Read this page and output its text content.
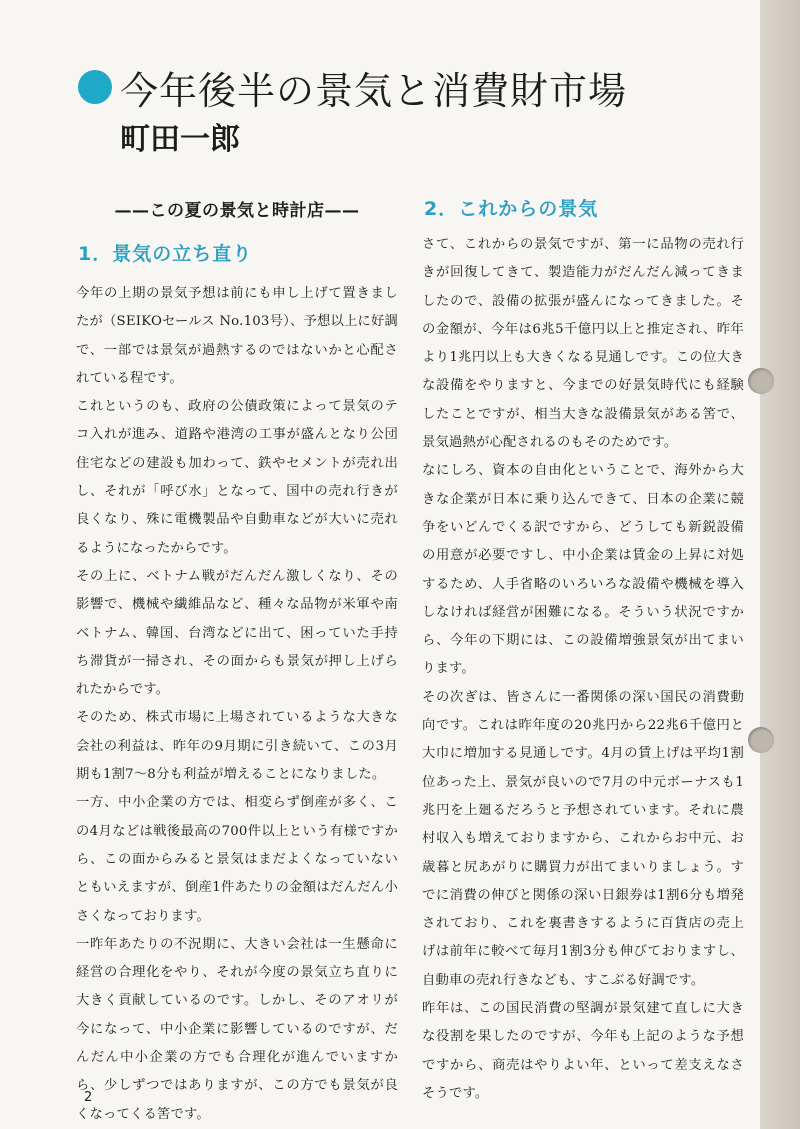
今年後半の景気と消費財市場
町田一郎
——この夏の景気と時計店——
1．景気の立ち直り

今年の上期の景気予想は前にも申し上げて置きましたが（SEIKOセールス No.103号）、予想以上に好調で、一部では景気が過熱するのではないかと心配されている程です。

これというのも、政府の公債政策によって景気のテコ入れが進み、道路や港湾の工事が盛んとなり公団住宅などの建設も加わって、鉄やセメントが売れ出し、それが「呼び水」となって、国中の売れ行きが良くなり、殊に電機製品や自動車などが大いに売れるようになったからです。

その上に、ベトナム戦がだんだん激しくなり、その影響で、機械や繊維品など、種々な品物が米軍や南ベトナム、韓国、台湾などに出て、困っていた手持ち滞貨が一掃され、その面からも景気が押し上げられたからです。

そのため、株式市場に上場されているような大きな会社の利益は、昨年の9月期に引き続いて、この3月期も1割7〜8分も利益が増えることになりました。

一方、中小企業の方では、相変らず倒産が多く、この4月などは戦後最高の700件以上という有様ですから、この面からみると景気はまだよくなっていないともいえますが、倒産1件あたりの金額はだんだん小さくなっております。

一昨年あたりの不況期に、大きい会社は一生懸命に経営の合理化をやり、それが今度の景気立ち直りに大きく貢献しているのです。しかし、そのアオリが今になって、中小企業に影響しているのですが、だんだん中小企業の方でも合理化が進んでいますから、少しずつではありますが、この方でも景気が良くなってくる筈です。

2．これからの景気

さて、これからの景気ですが、第一に品物の売れ行きが回復してきて、製造能力がだんだん減ってきましたので、設備の拡張が盛んになってきました。その金額が、今年は6兆5千億円以上と推定され、昨年より1兆円以上も大きくなる見通しです。この位大きな設備をやりますと、今までの好景気時代にも経験したことですが、相当大きな設備景気がある筈で、景気過熱が心配されるのもそのためです。

なにしろ、資本の自由化ということで、海外から大きな企業が日本に乗り込んできて、日本の企業に競争をいどんでくる訳ですから、どうしても新鋭設備の用意が必要ですし、中小企業は賃金の上昇に対処するため、人手省略のいろいろな設備や機械を導入しなければ経営が困難になる。そういう状況ですから、今年の下期には、この設備増強景気が出てまいります。

その次ぎは、皆さんに一番関係の深い国民の消費動向です。これは昨年度の20兆円から22兆6千億円と大巾に増加する見通しです。4月の賃上げは平均1割位あった上、景気が良いので7月の中元ボーナスも1兆円を上廻るだろうと予想されています。それに農村収入も増えておりますから、これからお中元、お歳暮と尻あがりに購買力が出てまいりましょう。すでに消費の伸びと関係の深い日銀券は1割6分も増発されており、これを裏書きするように百貨店の売上げは前年に較べて毎月1割3分も伸びておりますし、自動車の売れ行きなども、すこぶる好調です。

昨年は、この国民消費の堅調が景気建て直しに大きな役割を果したのですが、今年も上記のような予想ですから、商売はやりよい年、といって差支えなさそうです。

2
